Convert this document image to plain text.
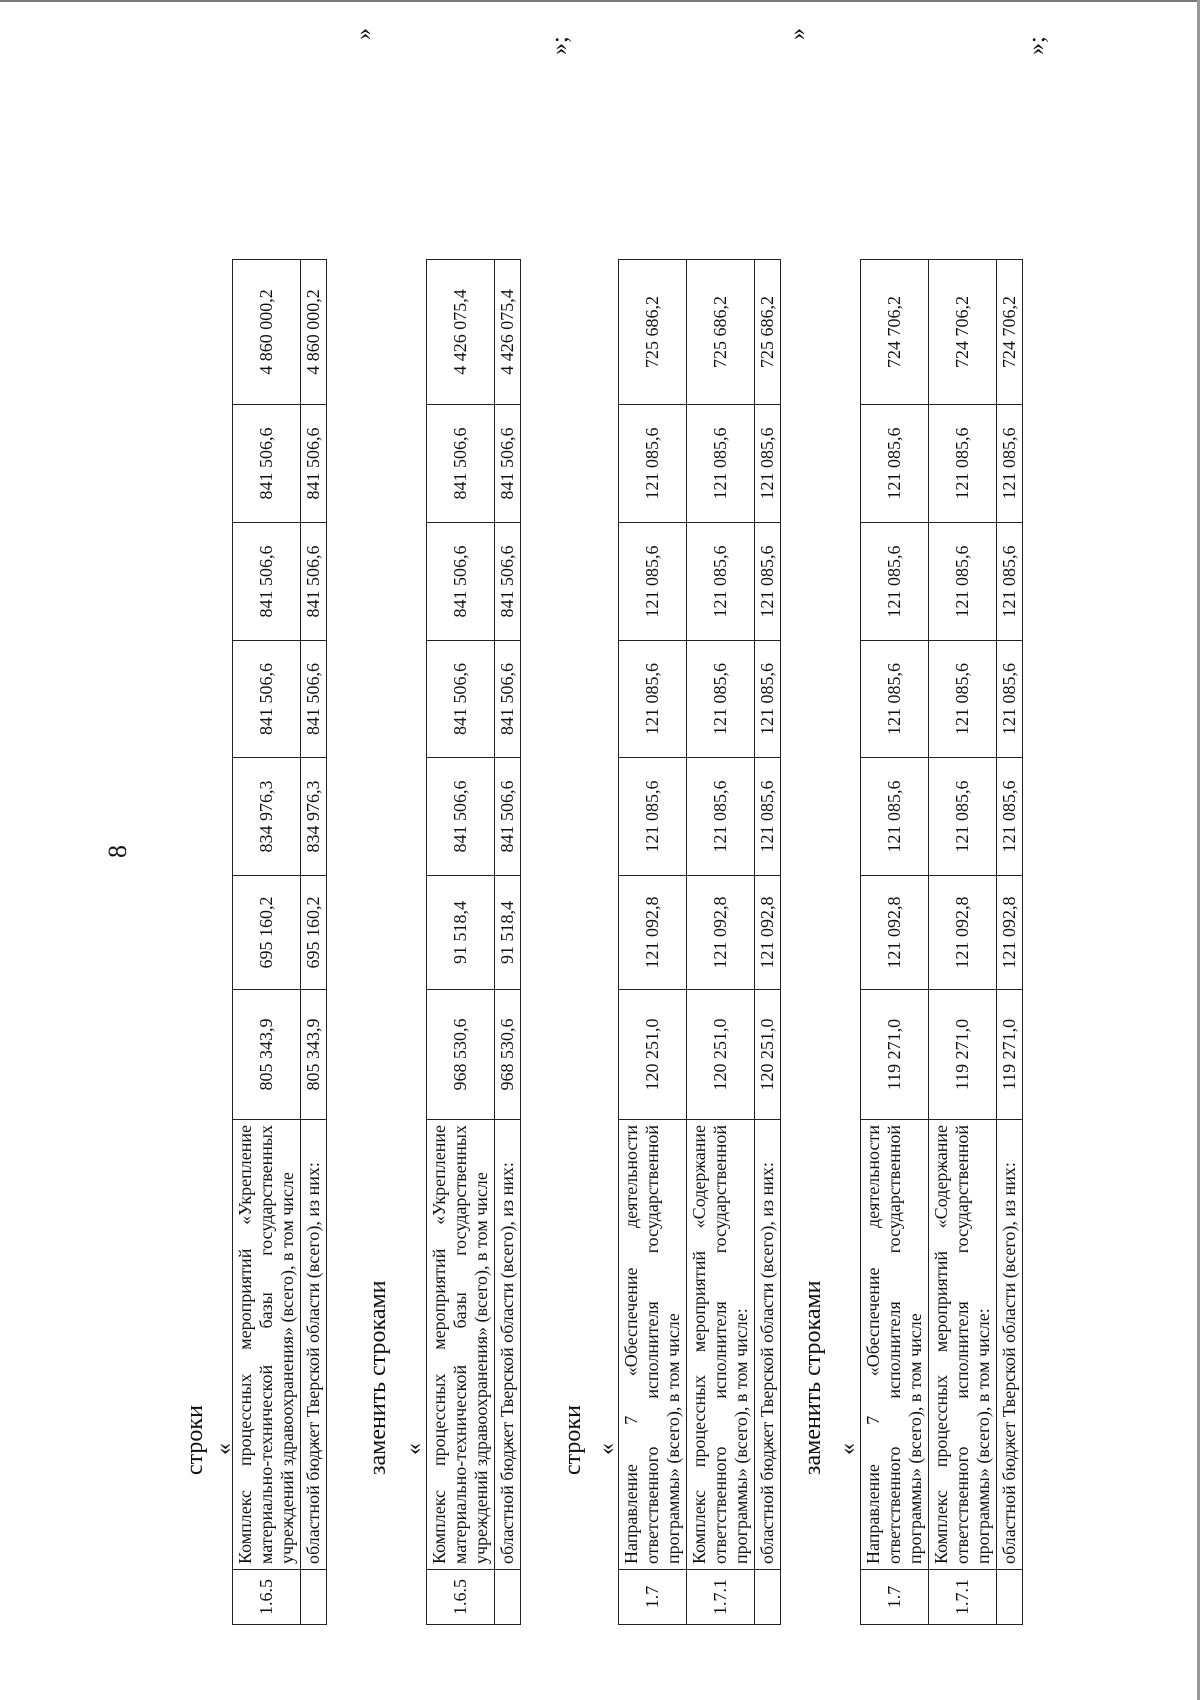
8
строки «
1.6.5	Комплекс процессных мероприятий «Укрепление материально-технической базы государственных учреждений здравоохранения» (всего), в том числе	805 343,9	695 160,2	834 976,3	841 506,6	841 506,6	841 506,6	4 860 000,2
	областной бюджет Тверской области (всего), из них:	805 343,9	695 160,2	834 976,3	841 506,6	841 506,6	841 506,6	4 860 000,2
»
заменить строками «
1.6.5	Комплекс процессных мероприятий «Укрепление материально-технической базы государственных учреждений здравоохранения» (всего), в том числе	968 530,6	91 518,4	841 506,6	841 506,6	841 506,6	841 506,6	4 426 075,4
	областной бюджет Тверской области (всего), из них:	968 530,6	91 518,4	841 506,6	841 506,6	841 506,6	841 506,6	4 426 075,4
»;
строки «
1.7	Направление 7 «Обеспечение деятельности ответственного исполнителя государственной программы» (всего), в том числе	120 251,0	121 092,8	121 085,6	121 085,6	121 085,6	121 085,6	725 686,2
1.7.1	Комплекс процессных мероприятий «Содержание ответственного исполнителя государственной программы» (всего), в том числе:	120 251,0	121 092,8	121 085,6	121 085,6	121 085,6	121 085,6	725 686,2
	областной бюджет Тверской области (всего), из них:	120 251,0	121 092,8	121 085,6	121 085,6	121 085,6	121 085,6	725 686,2
»
заменить строками «
1.7	Направление 7 «Обеспечение деятельности ответственного исполнителя государственной программы» (всего), в том числе	119 271,0	121 092,8	121 085,6	121 085,6	121 085,6	121 085,6	724 706,2
1.7.1	Комплекс процессных мероприятий «Содержание ответственного исполнителя государственной программы» (всего), в том числе:	119 271,0	121 092,8	121 085,6	121 085,6	121 085,6	121 085,6	724 706,2
	областной бюджет Тверской области (всего), из них:	119 271,0	121 092,8	121 085,6	121 085,6	121 085,6	121 085,6	724 706,2
»;
